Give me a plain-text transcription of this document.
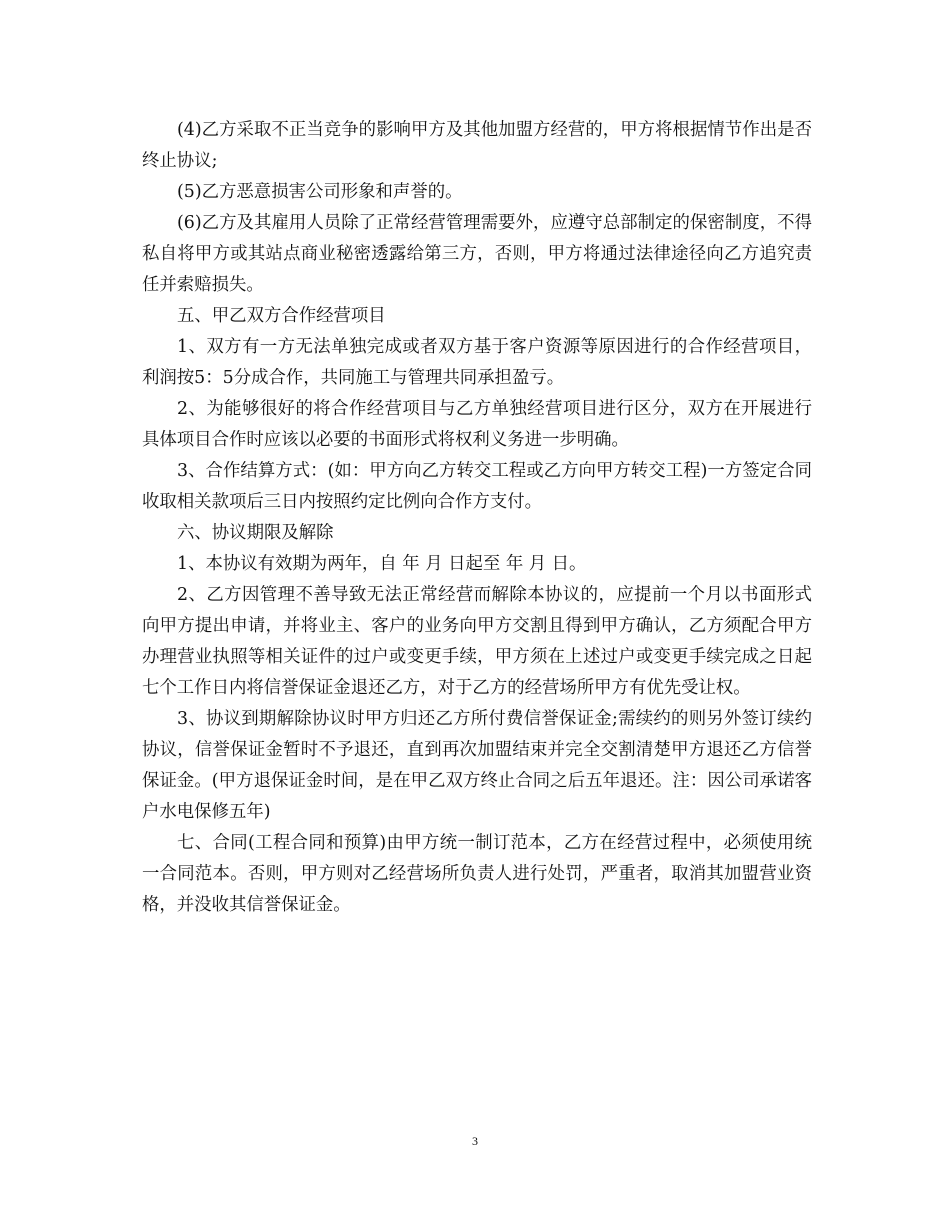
(4)乙方采取不正当竞争的影响甲方及其他加盟方经营的，甲方将根据情节作出是否终止协议;

(5)乙方恶意损害公司形象和声誉的。

(6)乙方及其雇用人员除了正常经营管理需要外，应遵守总部制定的保密制度，不得私自将甲方或其站点商业秘密透露给第三方，否则，甲方将通过法律途径向乙方追究责任并索赔损失。

五、甲乙双方合作经营项目

1、双方有一方无法单独完成或者双方基于客户资源等原因进行的合作经营项目，利润按5：5分成合作，共同施工与管理共同承担盈亏。

2、为能够很好的将合作经营项目与乙方单独经营项目进行区分，双方在开展进行具体项目合作时应该以必要的书面形式将权利义务进一步明确。

3、合作结算方式：(如：甲方向乙方转交工程或乙方向甲方转交工程)一方签定合同收取相关款项后三日内按照约定比例向合作方支付。

六、协议期限及解除

1、本协议有效期为两年，自 年 月 日起至 年 月 日。

2、乙方因管理不善导致无法正常经营而解除本协议的，应提前一个月以书面形式向甲方提出申请，并将业主、客户的业务向甲方交割且得到甲方确认，乙方须配合甲方办理营业执照等相关证件的过户或变更手续，甲方须在上述过户或变更手续完成之日起七个工作日内将信誉保证金退还乙方，对于乙方的经营场所甲方有优先受让权。

3、协议到期解除协议时甲方归还乙方所付费信誉保证金;需续约的则另外签订续约协议，信誉保证金暂时不予退还，直到再次加盟结束并完全交割清楚甲方退还乙方信誉保证金。(甲方退保证金时间，是在甲乙双方终止合同之后五年退还。注：因公司承诺客户水电保修五年)

七、合同(工程合同和预算)由甲方统一制订范本，乙方在经营过程中，必须使用统一合同范本。否则，甲方则对乙经营场所负责人进行处罚，严重者，取消其加盟营业资格，并没收其信誉保证金。

3
